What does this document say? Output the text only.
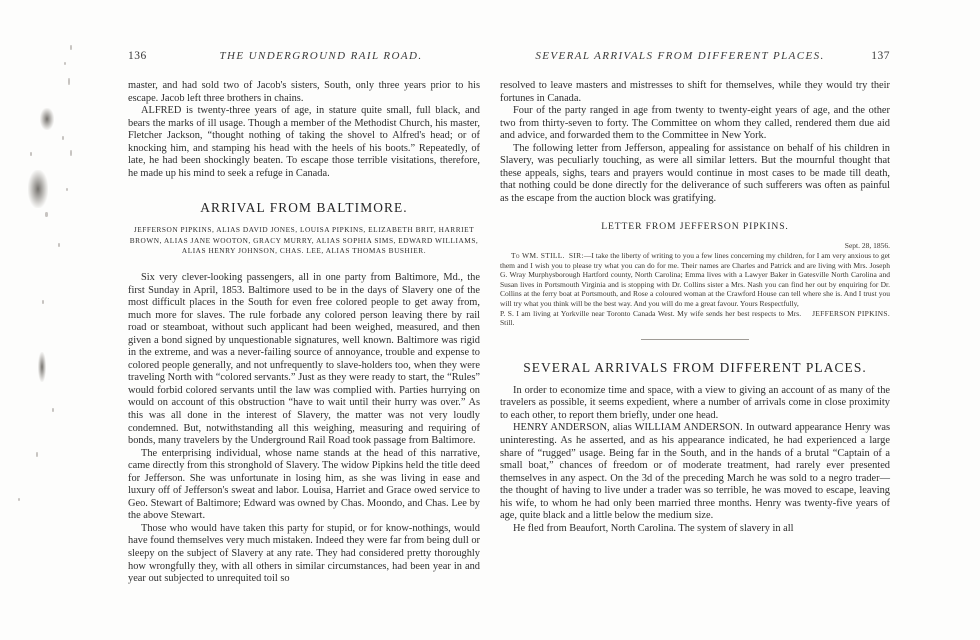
136	THE UNDERGROUND RAIL ROAD.

master, and had sold two of Jacob's sisters, South, only three years prior to his escape. Jacob left three brothers in chains.

ALFRED is twenty-three years of age, in stature quite small, full black, and bears the marks of ill usage. Though a member of the Methodist Church, his master, Fletcher Jackson, “thought nothing of taking the shovel to Alfred's head; or of knocking him, and stamping his head with the heels of his boots.” Repeatedly, of late, he had been shockingly beaten. To escape those terrible visitations, therefore, he made up his mind to seek a refuge in Canada.

ARRIVAL FROM BALTIMORE.
JEFFERSON PIPKINS, ALIAS DAVID JONES, LOUISA PIPKINS, ELIZABETH BRIT, HARRIET BROWN, ALIAS JANE WOOTON, GRACY MURRY, ALIAS SOPHIA SIMS, EDWARD WILLIAMS, ALIAS HENRY JOHNSON, CHAS. LEE, ALIAS THOMAS BUSHIER.

Six very clever-looking passengers, all in one party from Baltimore, Md., the first Sunday in April, 1853. Baltimore used to be in the days of Slavery one of the most difficult places in the South for even free colored people to get away from, much more for slaves. The rule forbade any colored person leaving there by rail road or steamboat, without such applicant had been weighed, measured, and then given a bond signed by unquestionable signatures, well known. Baltimore was rigid in the extreme, and was a never-failing source of annoyance, trouble and expense to colored people generally, and not unfrequently to slave-holders too, when they were traveling North with “colored servants.” Just as they were ready to start, the “Rules” would forbid colored servants until the law was complied with. Parties hurrying on would on account of this obstruction “have to wait until their hurry was over.” As this was all done in the interest of Slavery, the matter was not very loudly condemned. But, notwithstanding all this weighing, measuring and requiring of bonds, many travelers by the Underground Rail Road took passage from Baltimore.

The enterprising individual, whose name stands at the head of this narrative, came directly from this stronghold of Slavery. The widow Pipkins held the title deed for Jefferson. She was unfortunate in losing him, as she was living in ease and luxury off of Jefferson's sweat and labor. Louisa, Harriet and Grace owed service to Geo. Stewart of Baltimore; Edward was owned by Chas. Moondo, and Chas. Lee by the above Stewart.

Those who would have taken this party for stupid, or for know-nothings, would have found themselves very much mistaken. Indeed they were far from being dull or sleepy on the subject of Slavery at any rate. They had considered pretty thoroughly how wrongfully they, with all others in similar circumstances, had been year in and year out subjected to unrequited toil so

137
SEVERAL ARRIVALS FROM DIFFERENT PLACES.

resolved to leave masters and mistresses to shift for themselves, while they would try their fortunes in Canada.

Four of the party ranged in age from twenty to twenty-eight years of age, and the other two from thirty-seven to forty. The Committee on whom they called, rendered them due aid and advice, and forwarded them to the Committee in New York.

The following letter from Jefferson, appealing for assistance on behalf of his children in Slavery, was peculiarly touching, as were all similar letters. But the mournful thought that these appeals, sighs, tears and prayers would continue in most cases to be made till death, that nothing could be done directly for the deliverance of such sufferers was often as painful as the escape from the auction block was gratifying.

LETTER FROM JEFFERSON PIPKINS.

Sept. 28, 1856.

To WM. STILL. SIR:—I take the liberty of writing to you a few lines concerning my children, for I am very anxious to get them and I wish you to please try what you can do for me. Their names are Charles and Patrick and are living with Mrs. Joseph G. Wray Murphysborough Hartford county, North Carolina; Emma lives with a Lawyer Baker in Gatesville North Carolina and Susan lives in Portsmouth Virginia and is stopping with Dr. Collins sister a Mrs. Nash you can find her out by enquiring for Dr. Collins at the ferry boat at Portsmouth, and Rose a coloured woman at the Crawford House can tell where she is. And I trust you will try what you think will be the best way. And you will do me a great favour. Yours Respectfully,
JEFFERSON PIPKINS.

P. S. I am living at Yorkville near Toronto Canada West. My wife sends her best respects to Mrs. Still.

SEVERAL ARRIVALS FROM DIFFERENT PLACES.

In order to economize time and space, with a view to giving an account of as many of the travelers as possible, it seems expedient, where a number of arrivals come in close proximity to each other, to report them briefly, under one head.

HENRY ANDERSON, alias WILLIAM ANDERSON. In outward appearance Henry was uninteresting. As he asserted, and as his appearance indicated, he had experienced a large share of “rugged” usage. Being far in the South, and in the hands of a brutal “Captain of a small boat,” chances of freedom or of moderate treatment, had rarely ever presented themselves in any aspect. On the 3d of the preceding March he was sold to a negro trader—the thought of having to live under a trader was so terrible, he was moved to escape, leaving his wife, to whom he had only been married three months. Henry was twenty-five years of age, quite black and a little below the medium size.

He fled from Beaufort, North Carolina. The system of slavery in all
